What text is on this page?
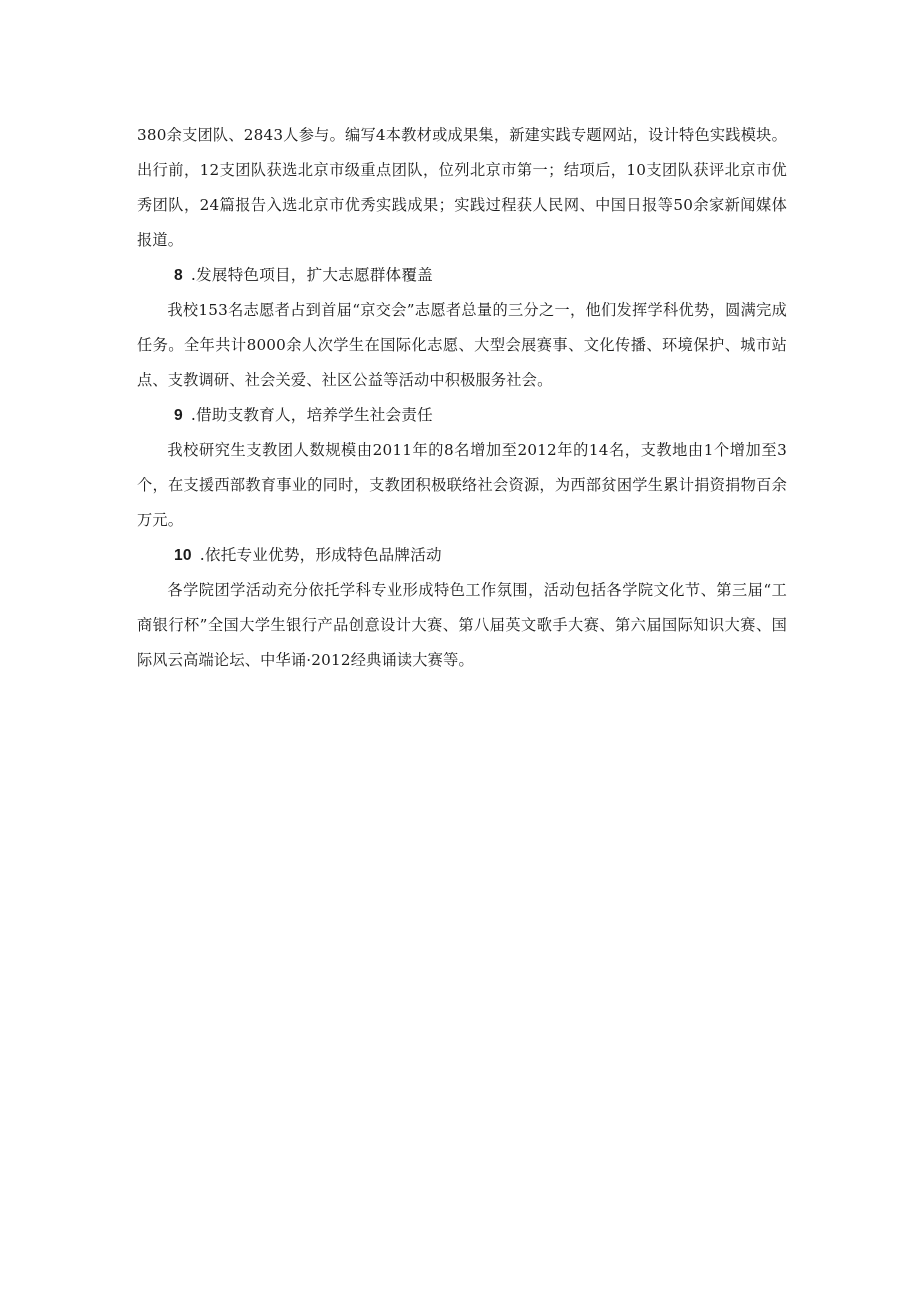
380余支团队、2843人参与。编写4本教材或成果集，新建实践专题网站，设计特色实践模块。出行前，12支团队获选北京市级重点团队，位列北京市第一；结项后，10支团队获评北京市优秀团队，24篇报告入选北京市优秀实践成果；实践过程获人民网、中国日报等50余家新闻媒体报道。

8 .发展特色项目，扩大志愿群体覆盖

我校153名志愿者占到首届“京交会”志愿者总量的三分之一，他们发挥学科优势，圆满完成任务。全年共计8000余人次学生在国际化志愿、大型会展赛事、文化传播、环境保护、城市站点、支教调研、社会关爱、社区公益等活动中积极服务社会。

9 .借助支教育人，培养学生社会责任

我校研究生支教团人数规模由2011年的8名增加至2012年的14名，支教地由1个增加至3个，在支援西部教育事业的同时，支教团积极联络社会资源，为西部贫困学生累计捐资捐物百余万元。

10 .依托专业优势，形成特色品牌活动

各学院团学活动充分依托学科专业形成特色工作氛围，活动包括各学院文化节、第三届“工商银行杯”全国大学生银行产品创意设计大赛、第八届英文歌手大赛、第六届国际知识大赛、国际风云高端论坛、中华诵·2012经典诵读大赛等。
